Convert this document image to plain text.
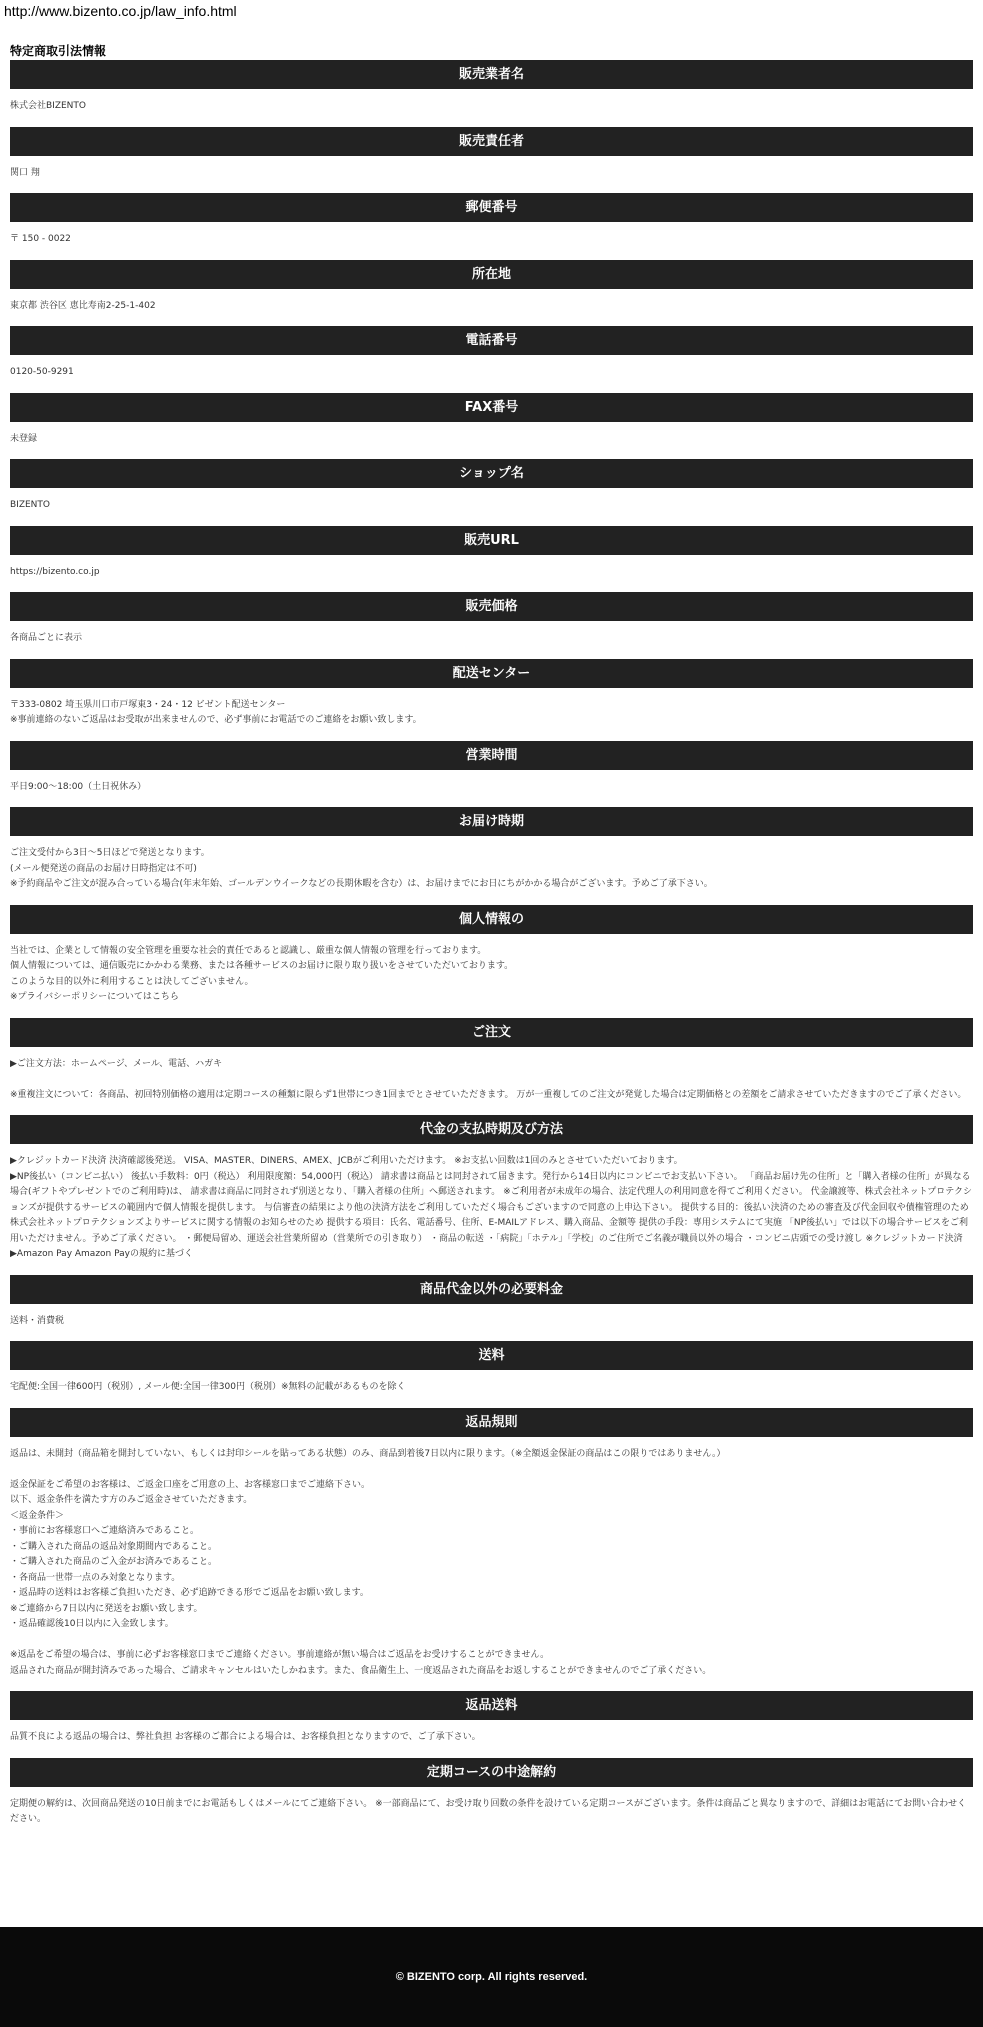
http://www.bizento.co.jp/law_info.html
特定商取引法情報
販売業者名

株式会社BIZENTO

販売責任者

関口 翔

郵便番号

〒 150 - 0022

所在地

東京都 渋谷区 恵比寿南2-25-1-402

電話番号

0120-50-9291

FAX番号

未登録

ショップ名

BIZENTO

販売URL

https://bizento.co.jp

販売価格

各商品ごとに表示

配送センター

〒333-0802 埼玉県川口市戸塚東3・24・12 ビゼント配送センター

※事前連絡のないご返品はお受取が出来ませんので、必ず事前にお電話でのご連絡をお願い致します。

営業時間

平日9:00〜18:00（土日祝休み）

お届け時期

ご注文受付から3日〜5日ほどで発送となります。

(メール便発送の商品のお届け日時指定は不可)

※予約商品やご注文が混み合っている場合(年末年始、ゴールデンウイークなどの長期休暇を含む）は、お届けまでにお日にちがかかる場合がございます。予めご了承下さい。

個人情報の

当社では、企業として情報の安全管理を重要な社会的責任であると認識し、厳重な個人情報の管理を行っております。

個人情報については、通信販売にかかわる業務、または各種サービスのお届けに限り取り扱いをさせていただいております。

このような目的以外に利用することは決してございません。

※プライバシーポリシーについてはこちら

ご注文

▶ご注文方法：ホームページ、メール、電話、ハガキ

※重複注文について：各商品、初回特別価格の適用は定期コースの種類に限らず1世帯につき1回までとさせていただきます。 万が一重複してのご注文が発覚した場合は定期価格との差額をご請求させていただきますのでご了承ください。

代金の支払時期及び方法

▶クレジットカード決済 決済確認後発送。 VISA、MASTER、DINERS、AMEX、JCBがご利用いただけます。 ※お支払い回数は1回のみとさせていただいております。

▶NP後払い（コンビニ払い） 後払い手数料：0円（税込） 利用限度額：54,000円（税込） 請求書は商品とは同封されて届きます。発行から14日以内にコンビニでお支払い下さい。 「商品お届け先の住所」と「購入者様の住所」が異なる場合(ギフトやプレゼントでのご利用時)は、 請求書は商品に同封されず別送となり、「購入者様の住所」へ郵送されます。 ※ご利用者が未成年の場合、法定代理人の利用同意を得てご利用ください。 代金譲渡等、株式会社ネットプロテクションズが提供するサービスの範囲内で個人情報を提供します。 与信審査の結果により他の決済方法をご利用していただく場合もございますので同意の上申込下さい。 提供する目的：後払い決済のための審査及び代金回収や債権管理のため 株式会社ネットプロテクションズよりサービスに関する情報のお知らせのため 提供する項目：氏名、電話番号、住所、E-MAILアドレス、購入商品、金額等 提供の手段：専用システムにて実施 「NP後払い」では以下の場合サービスをご利用いただけません。予めご了承ください。 ・郵便局留め、運送会社営業所留め（営業所での引き取り） ・商品の転送 ・「病院」「ホテル」「学校」のご住所でご名義が職員以外の場合 ・コンビニ店頭での受け渡し ※クレジットカード決済

▶Amazon Pay Amazon Payの規約に基づく

商品代金以外の必要料金

送料・消費税

送料

宅配便:全国一律600円（税別）, メール便:全国一律300円（税別）※無料の記載があるものを除く

返品規則

返品は、未開封（商品箱を開封していない、もしくは封印シールを貼ってある状態）のみ、商品到着後7日以内に限ります。（※全額返金保証の商品はこの限りではありません。）

返金保証をご希望のお客様は、ご返金口座をご用意の上、お客様窓口までご連絡下さい。

以下、返金条件を満たす方のみご返金させていただきます。

＜返金条件＞

・事前にお客様窓口へご連絡済みであること。

・ご購入された商品の返品対象期間内であること。

・ご購入された商品のご入金がお済みであること。

・各商品一世帯一点のみ対象となります。

・返品時の送料はお客様ご負担いただき、必ず追跡できる形でご返品をお願い致します。

※ご連絡から7日以内に発送をお願い致します。

・返品確認後10日以内に入金致します。

※返品をご希望の場合は、事前に必ずお客様窓口までご連絡ください。事前連絡が無い場合はご返品をお受けすることができません。

返品された商品が開封済みであった場合、ご請求キャンセルはいたしかねます。また、食品衛生上、一度返品された商品をお返しすることができませんのでご了承ください。

返品送料

品質不良による返品の場合は、弊社負担 お客様のご都合による場合は、お客様負担となりますので、ご了承下さい。

定期コースの中途解約

定期便の解約は、次回商品発送の10日前までにお電話もしくはメールにてご連絡下さい。 ※一部商品にて、お受け取り回数の条件を設けている定期コースがございます。条件は商品ごと異なりますので、詳細はお電話にてお問い合わせください。

© BIZENTO corp. All rights reserved.
